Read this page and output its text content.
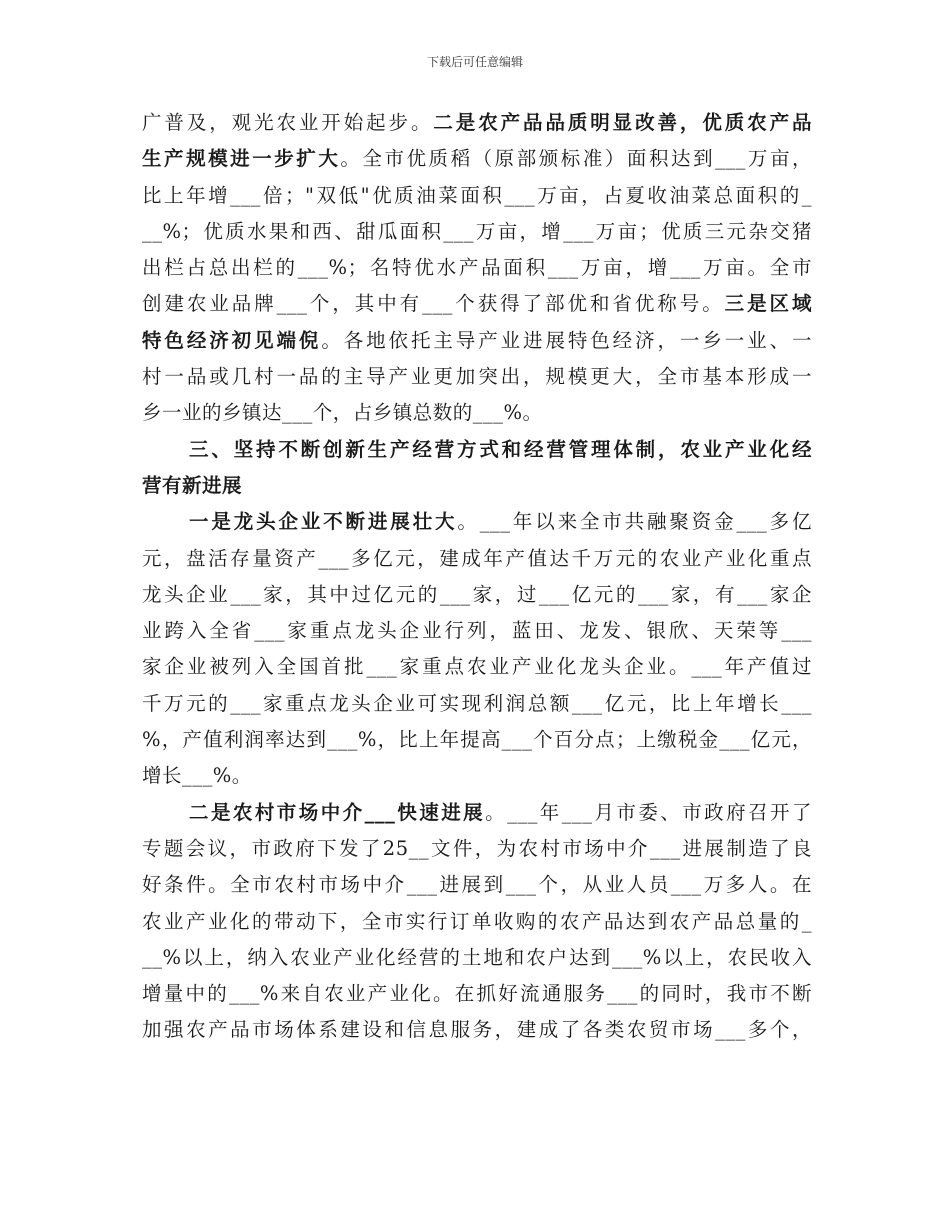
下载后可任意编辑
广普及，观光农业开始起步。二是农产品品质明显改善，优质农产品
生产规模进一步扩大。全市优质稻（原部颁标准）面积达到___万亩，
比上年增___倍；"双低"优质油菜面积___万亩，占夏收油菜总面积的_
__%；优质水果和西、甜瓜面积___万亩，增___万亩；优质三元杂交猪
出栏占总出栏的___%；名特优水产品面积___万亩，增___万亩。全市
创建农业品牌___个，其中有___个获得了部优和省优称号。三是区域
特色经济初见端倪。各地依托主导产业进展特色经济，一乡一业、一
村一品或几村一品的主导产业更加突出，规模更大，全市基本形成一
乡一业的乡镇达___个，占乡镇总数的___%。
三、坚持不断创新生产经营方式和经营管理体制，农业产业化经
营有新进展
一是龙头企业不断进展壮大。___年以来全市共融聚资金___多亿
元，盘活存量资产___多亿元，建成年产值达千万元的农业产业化重点
龙头企业___家，其中过亿元的___家，过___亿元的___家，有___家企
业跨入全省___家重点龙头企业行列，蓝田、龙发、银欣、天荣等___
家企业被列入全国首批___家重点农业产业化龙头企业。___年产值过
千万元的___家重点龙头企业可实现利润总额___亿元，比上年增长___
%，产值利润率达到___%，比上年提高___个百分点；上缴税金___亿元，
增长___%。
二是农村市场中介___快速进展。___年___月市委、市政府召开了
专题会议，市政府下发了25__文件，为农村市场中介___进展制造了良
好条件。全市农村市场中介___进展到___个，从业人员___万多人。在
农业产业化的带动下，全市实行订单收购的农产品达到农产品总量的_
__%以上，纳入农业产业化经营的土地和农户达到___%以上，农民收入
增量中的___%来自农业产业化。在抓好流通服务___的同时，我市不断
加强农产品市场体系建设和信息服务，建成了各类农贸市场___多个，
